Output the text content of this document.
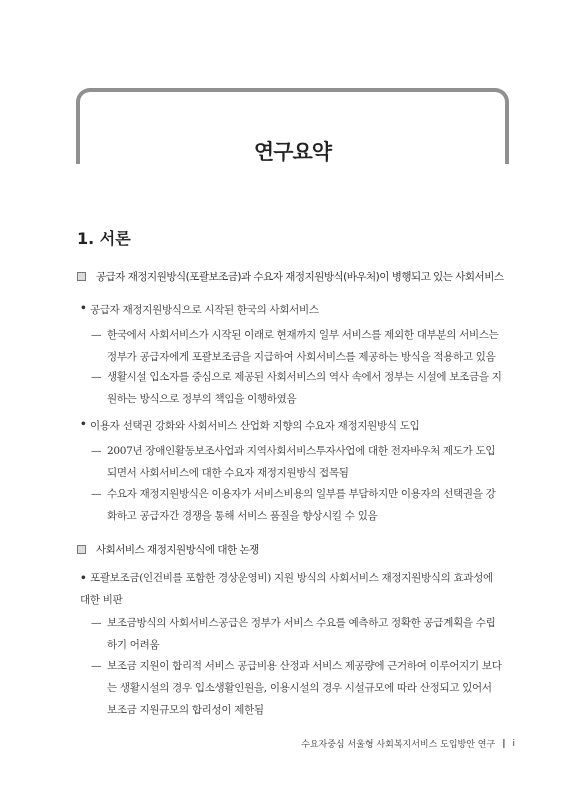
연구요약
1. 서론
공급자 재정지원방식(포괄보조금)과 수요자 재정지원방식(바우처)이 병행되고 있는 사회서비스
• 공급자 재정지원방식으로 시작된 한국의 사회서비스
— 한국에서 사회서비스가 시작된 이래로 현재까지 일부 서비스를 제외한 대부분의 서비스는
정부가 공급자에게 포괄보조금을 지급하여 사회서비스를 제공하는 방식을 적용하고 있음
— 생활시설 입소자를 중심으로 제공된 사회서비스의 역사 속에서 정부는 시설에 보조금을 지
원하는 방식으로 정부의 책임을 이행하였음
• 이용자 선택권 강화와 사회서비스 산업화 지향의 수요자 재정지원방식 도입
— 2007년 장애인활동보조사업과 지역사회서비스투자사업에 대한 전자바우처 제도가 도입
되면서 사회서비스에 대한 수요자 재정지원방식 접목됨
— 수요자 재정지원방식은 이용자가 서비스비용의 일부를 부담하지만 이용자의 선택권을 강
화하고 공급자간 경쟁을 통해 서비스 품질을 향상시킬 수 있음
사회서비스 재정지원방식에 대한 논쟁
• 포괄보조금(인건비를 포함한 경상운영비) 지원 방식의 사회서비스 재정지원방식의 효과성에
대한 비판
— 보조금방식의 사회서비스공급은 정부가 서비스 수요를 예측하고 정확한 공급계획을 수립
하기 어려움
— 보조금 지원이 합리적 서비스 공급비용 산정과 서비스 제공량에 근거하여 이루어지기 보다
는 생활시설의 경우 입소생활인원을, 이용시설의 경우 시설규모에 따라 산정되고 있어서
보조금 지원규모의 합리성이 제한됨
수요자중심 서울형 사회복지서비스 도입방안 연구 | i
